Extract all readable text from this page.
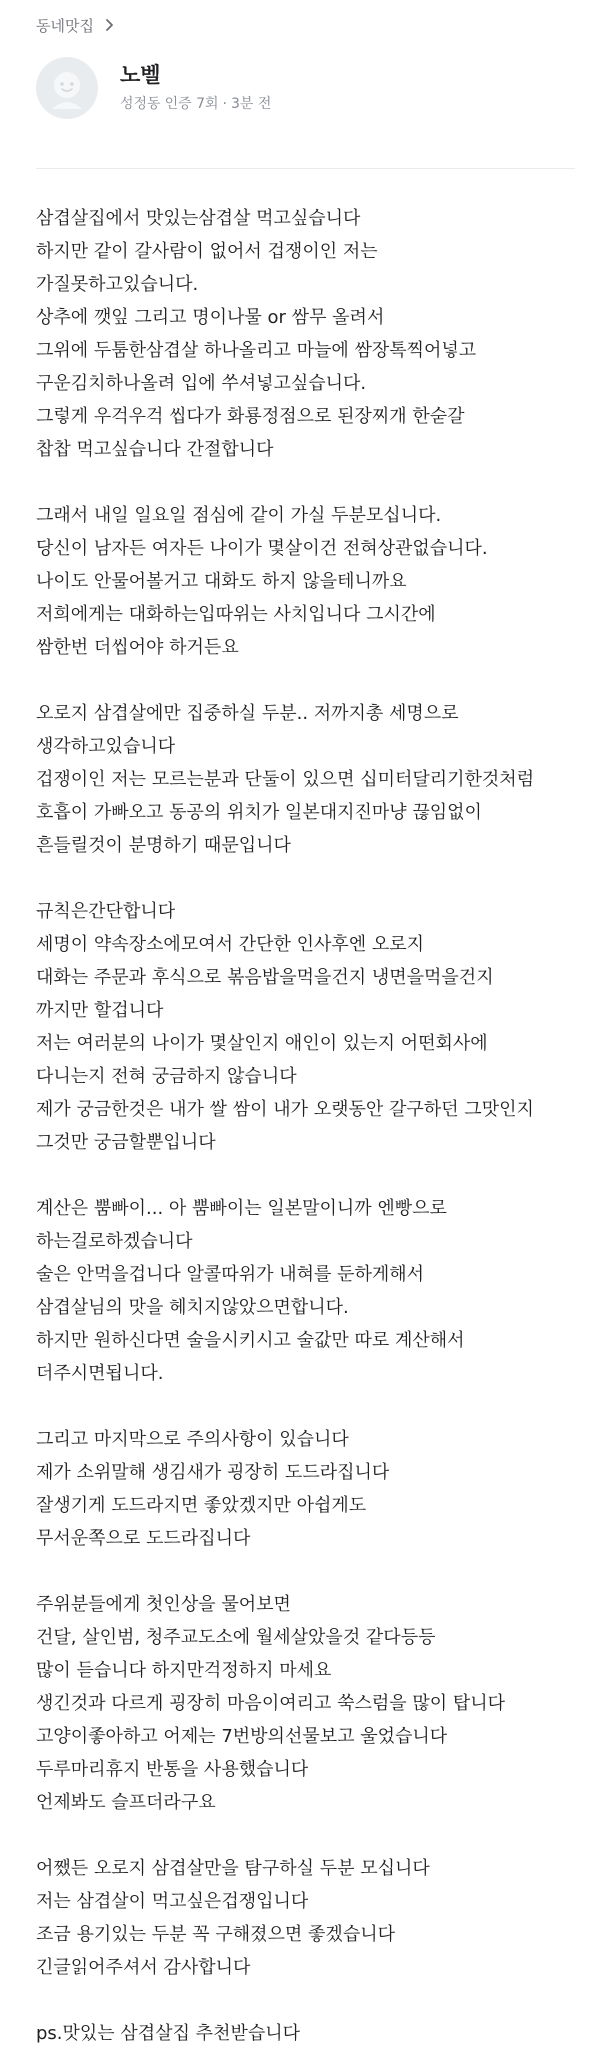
동네맛집
노벨
성정동 인증 7회 · 3분 전
삼겹살집에서 맛있는삼겹살 먹고싶습니다
하지만 같이 갈사람이 없어서 겁쟁이인 저는
가질못하고있습니다.
상추에 깻잎 그리고 명이나물 or 쌈무 올려서
그위에 두툼한삼겹살 하나올리고 마늘에 쌈장톡찍어넣고
구운김치하나올려 입에 쑤셔넣고싶습니다.
그렇게 우걱우걱 씹다가 화룡정점으로 된장찌개 한숟갈
찹찹 먹고싶습니다 간절합니다
그래서 내일 일요일 점심에 같이 가실 두분모십니다.
당신이 남자든 여자든 나이가 몇살이건 전혀상관없습니다.
나이도 안물어볼거고 대화도 하지 않을테니까요
저희에게는 대화하는입따위는 사치입니다 그시간에
쌈한번 더씹어야 하거든요
오로지 삼겹살에만 집중하실 두분.. 저까지총 세명으로
생각하고있습니다
겁쟁이인 저는 모르는분과 단둘이 있으면 십미터달리기한것처럼
호흡이 가빠오고 동공의 위치가 일본대지진마냥 끊임없이
흔들릴것이 분명하기 때문입니다
규칙은간단합니다
세명이 약속장소에모여서 간단한 인사후엔 오로지
대화는 주문과 후식으로 볶음밥을먹을건지 냉면을먹을건지
까지만 할겁니다
저는 여러분의 나이가 몇살인지 애인이 있는지 어떤회사에
다니는지 전혀 궁금하지 않습니다
제가 궁금한것은 내가 쌀 쌈이 내가 오랫동안 갈구하던 그맛인지
그것만 궁금할뿐입니다
계산은 뿜빠이... 아 뿜빠이는 일본말이니까 엔빵으로
하는걸로하겠습니다
술은 안먹을겁니다 알콜따위가 내혀를 둔하게해서
삼겹살님의 맛을 헤치지않았으면합니다.
하지만 원하신다면 술을시키시고 술값만 따로 계산해서
더주시면됩니다.
그리고 마지막으로 주의사항이 있습니다
제가 소위말해 생김새가 굉장히 도드라집니다
잘생기게 도드라지면 좋았겠지만 아쉽게도
무서운쪽으로 도드라집니다
주위분들에게 첫인상을 물어보면
건달, 살인범, 청주교도소에 월세살았을것 같다등등
많이 듣습니다 하지만걱정하지 마세요
생긴것과 다르게 굉장히 마음이여리고 쑥스럼을 많이 탑니다
고양이좋아하고 어제는 7번방의선물보고 울었습니다
두루마리휴지 반통을 사용했습니다
언제봐도 슬프더라구요
어쨌든 오로지 삼겹살만을 탐구하실 두분 모십니다
저는 삼겹살이 먹고싶은겁쟁입니다
조금 용기있는 두분 꼭 구해졌으면 좋겠습니다
긴글읽어주셔서 감사합니다
ps.맛있는 삼겹살집 추천받습니다
